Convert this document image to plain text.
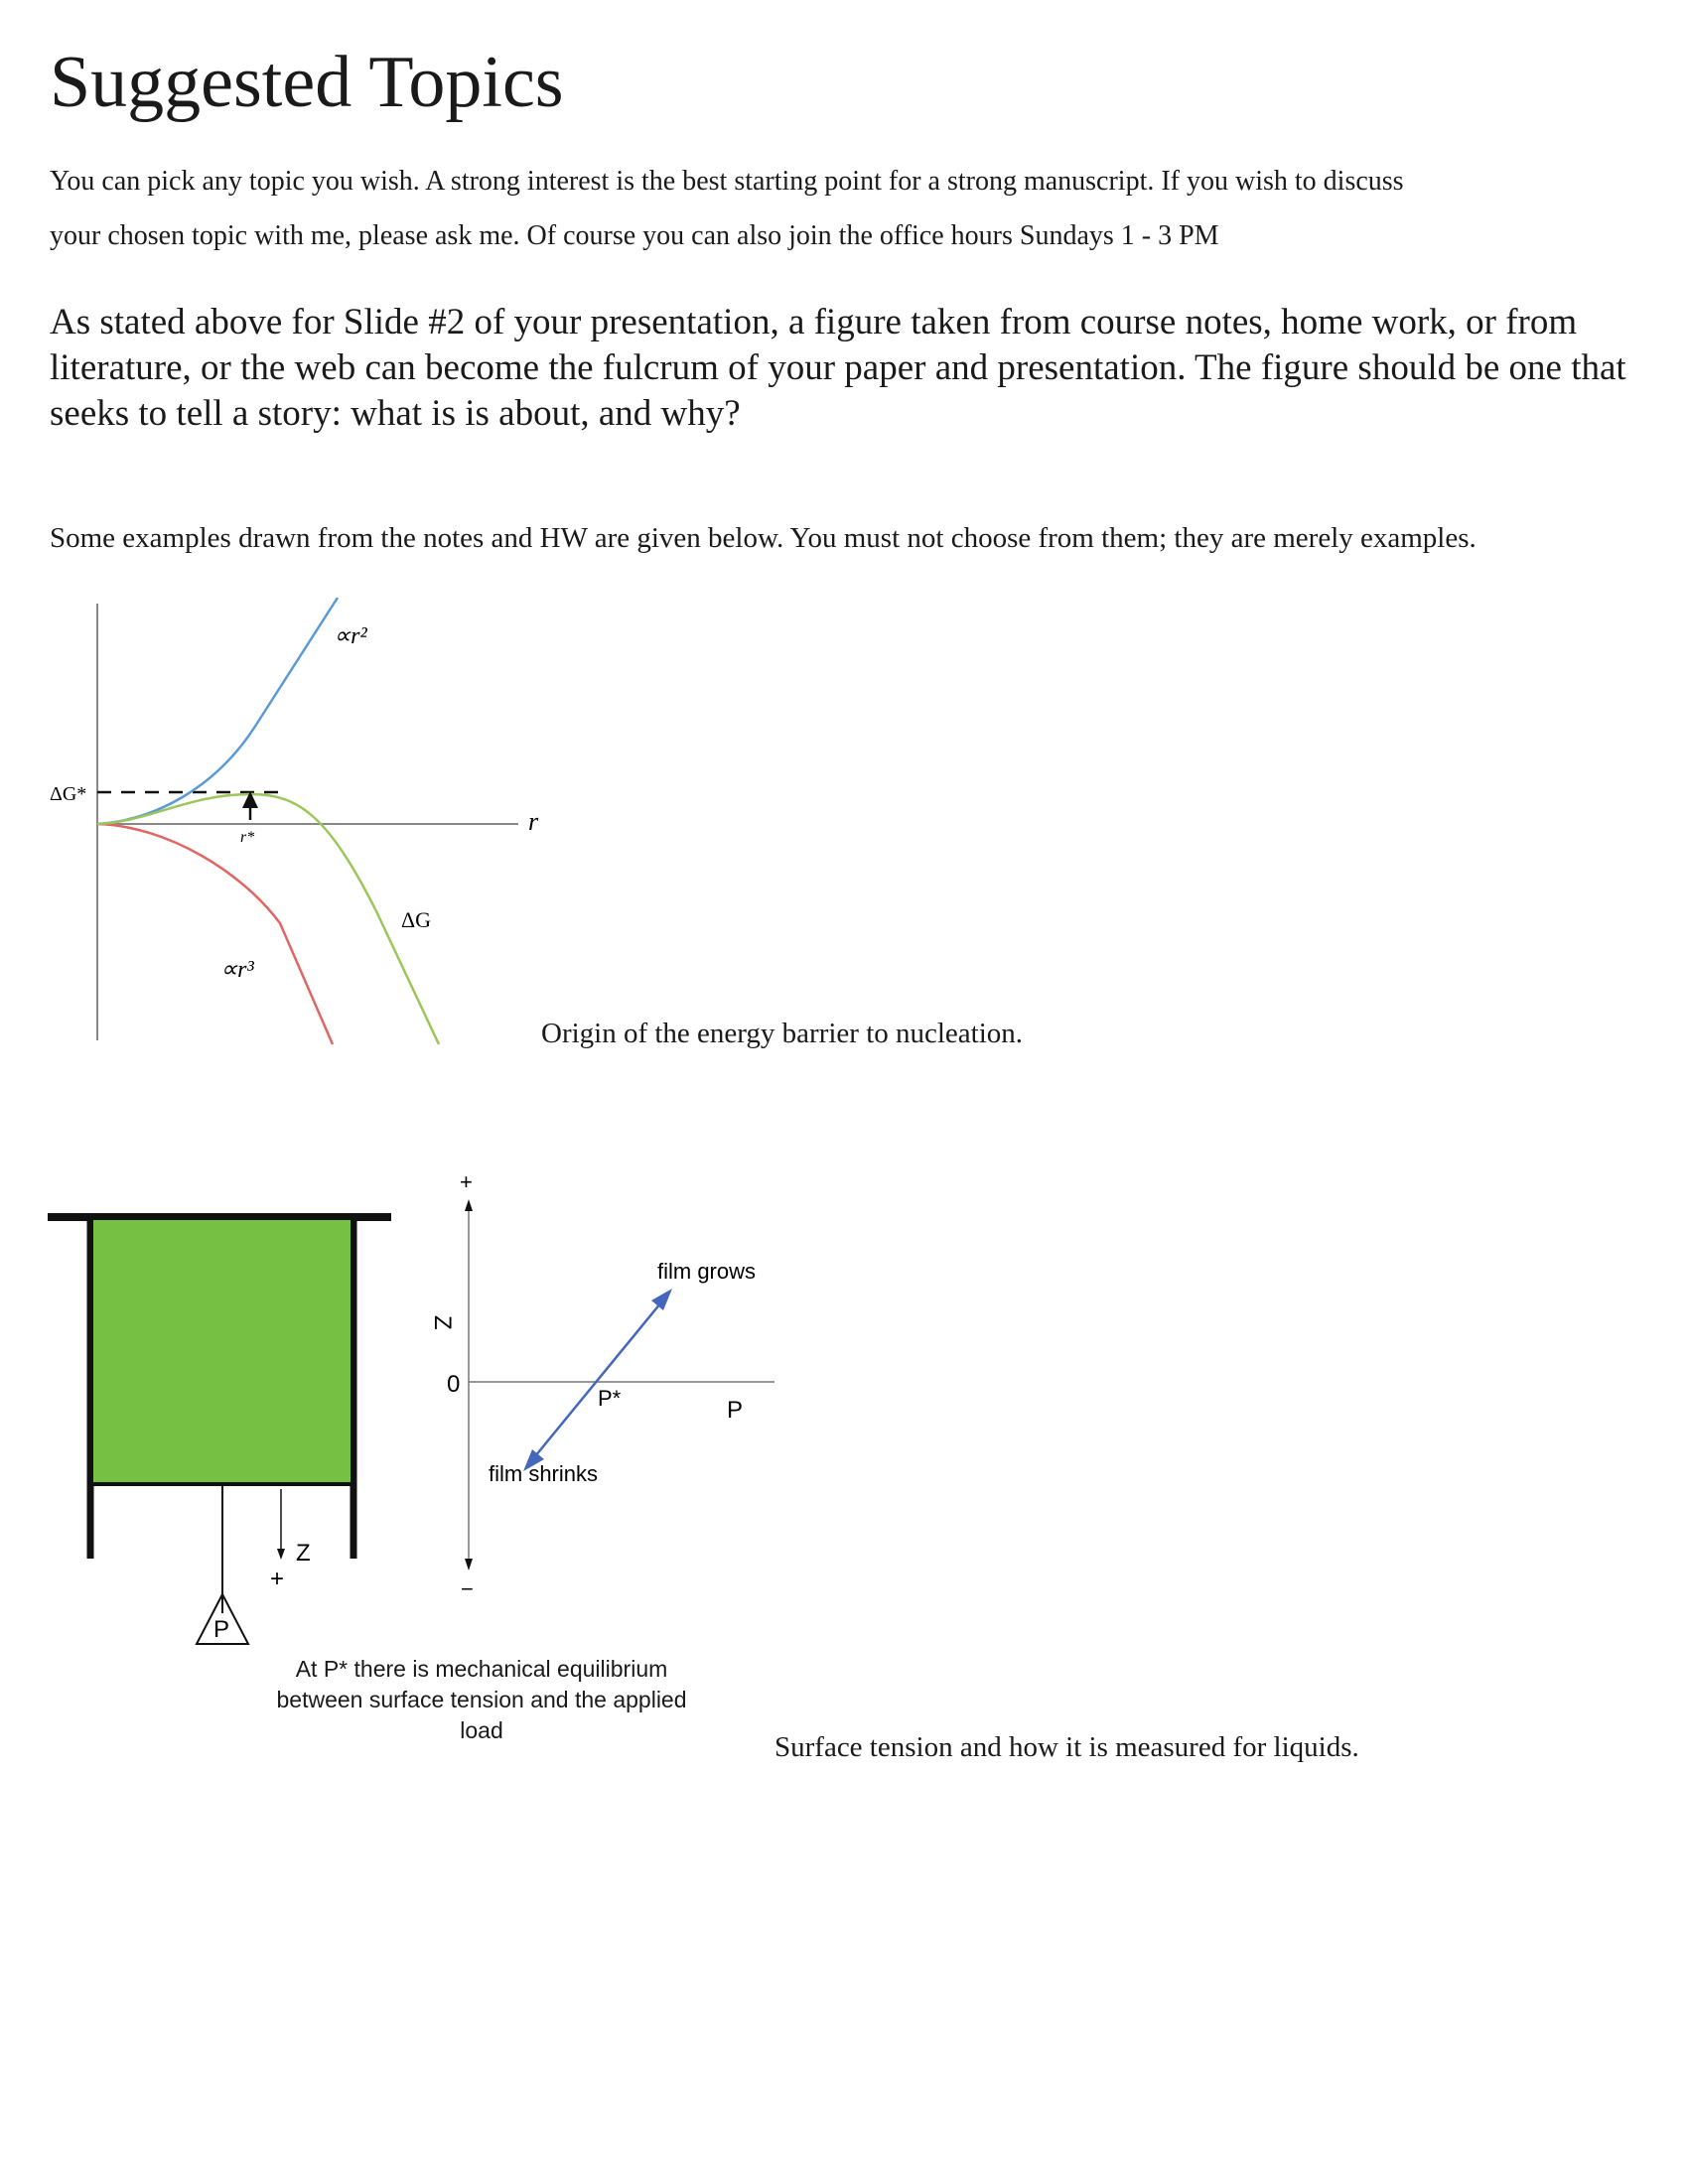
Suggested Topics
You can pick any topic you wish. A strong interest is the best starting point for a strong manuscript. If you wish to discuss
your chosen topic with me, please ask me. Of course you can also join the office hours Sundays 1 - 3 PM
As stated above for Slide #2 of your presentation, a figure taken from course notes, home work, or from literature, or the web can become the fulcrum of your paper and presentation. The figure should be one that seeks to tell a story: what is is about, and why?
Some examples drawn from the notes and HW are given below. You must not choose from them; they are merely examples.
ΔG*
∝r²
∝r³
r*
r
ΔG
Origin of the energy barrier to nucleation.
P
Z
+
+
−
Z
0
P*	P
film grows
film shrinks
At P* there is mechanical equilibrium between surface tension and the applied load
Surface tension and how it is measured for liquids.
